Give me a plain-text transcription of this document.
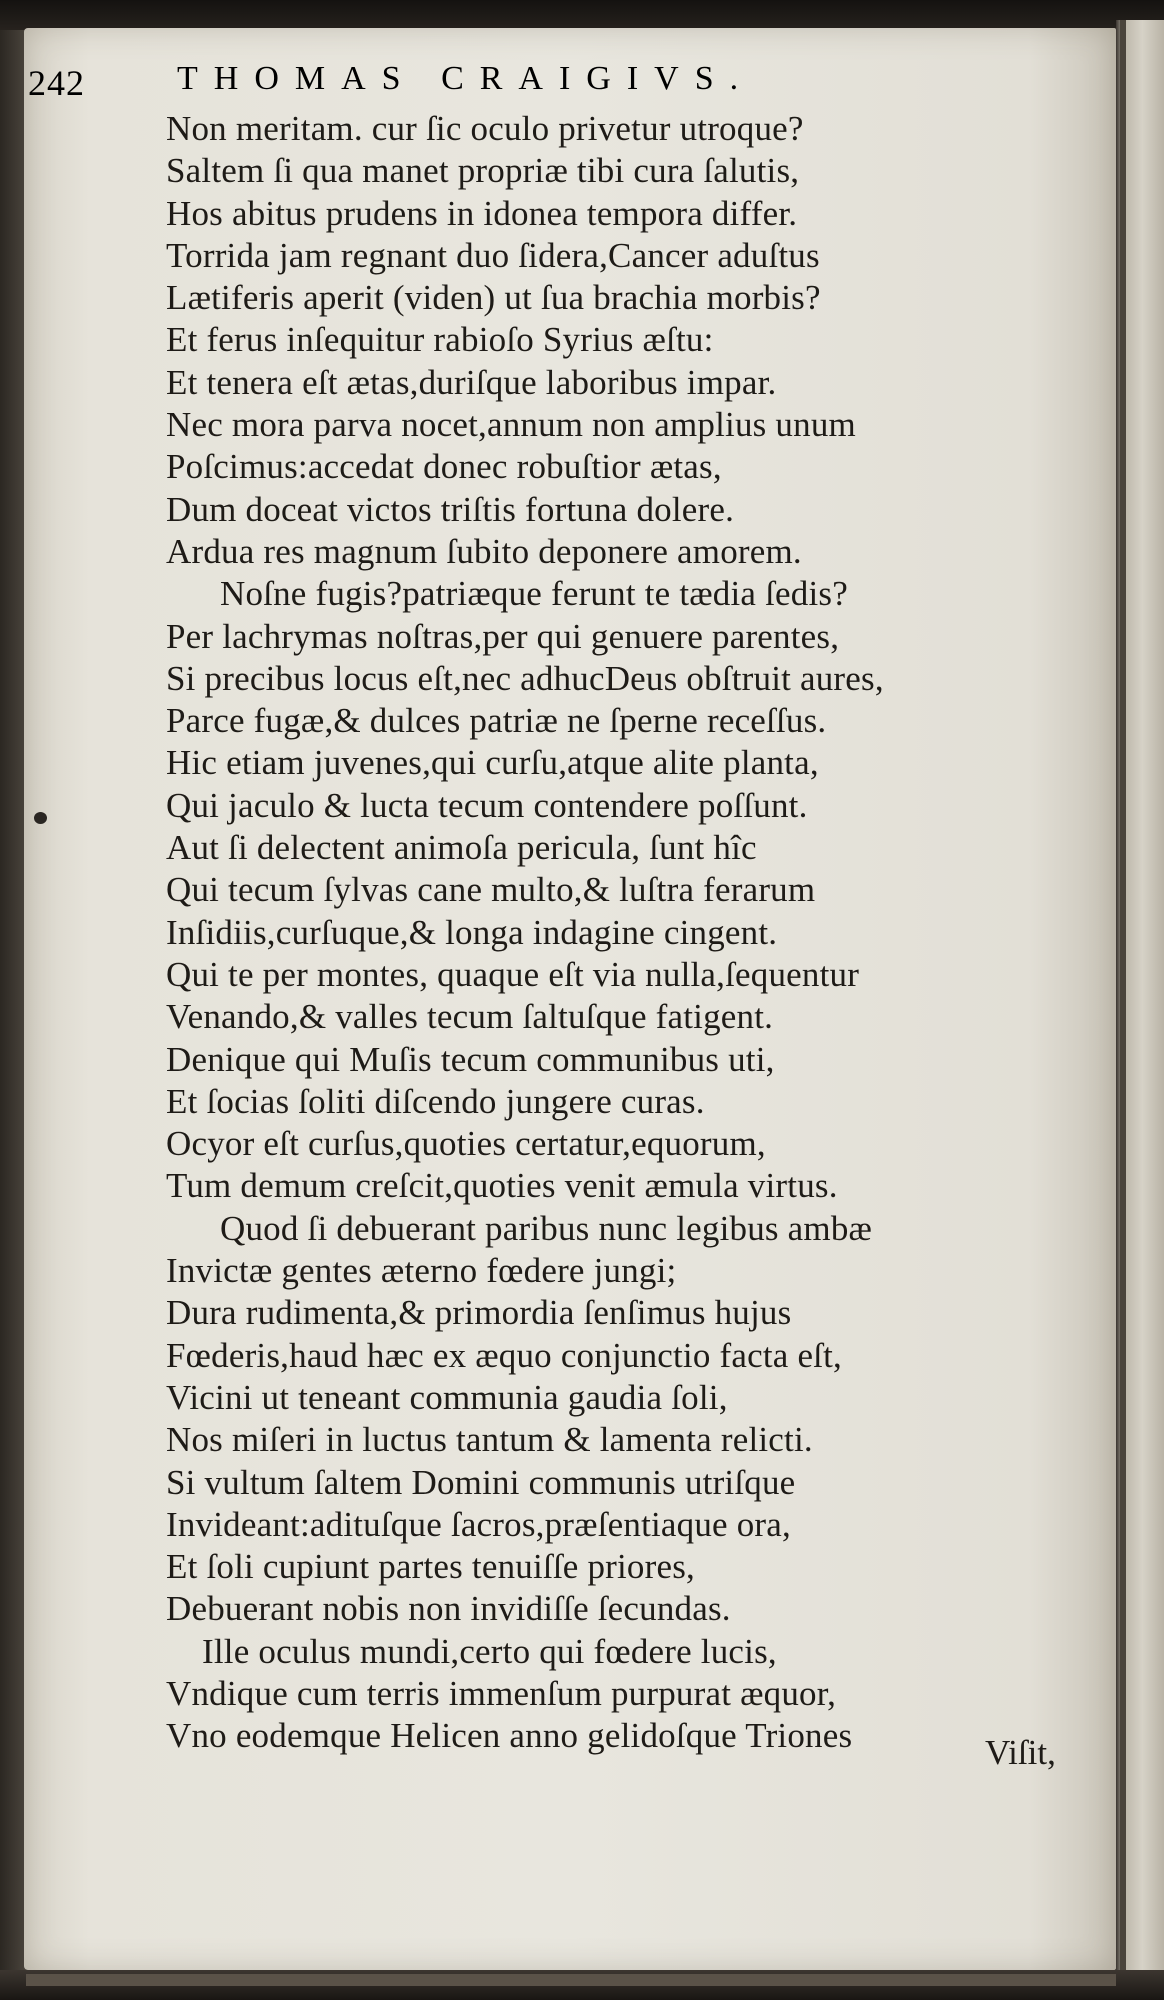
242	THOMAS CRAIGIVS.
Non meritam. cur ſic oculo privetur utroque?
Saltem ſi qua manet propriæ tibi cura ſalutis,
Hos abitus prudens in idonea tempora differ.
Torrida jam regnant duo ſidera,Cancer aduſtus
Lætiferis aperit (viden) ut ſua brachia morbis?
Et ferus inſequitur rabioſo Syrius æſtu:
Et tenera eſt ætas,duriſque laboribus impar.
Nec mora parva nocet,annum non amplius unum
Poſcimus:accedat donec robuſtior ætas,
Dum doceat victos triſtis fortuna dolere.
Ardua res magnum ſubito deponere amorem.
Noſne fugis?patriæque ferunt te tædia ſedis?
Per lachrymas noſtras,per qui genuere parentes,
Si precibus locus eſt,nec adhucDeus obſtruit aures,
Parce fugæ,& dulces patriæ ne ſperne receſſus.
Hic etiam juvenes,qui curſu,atque alite planta,
Qui jaculo & lucta tecum contendere poſſunt.
Aut ſi delectent animoſa pericula, ſunt hîc
Qui tecum ſylvas cane multo,& luſtra ferarum
Inſidiis,curſuque,& longa indagine cingent.
Qui te per montes, quaque eſt via nulla,ſequentur
Venando,& valles tecum ſaltuſque fatigent.
Denique qui Muſis tecum communibus uti,
Et ſocias ſoliti diſcendo jungere curas.
Ocyor eſt curſus,quoties certatur,equorum,
Tum demum creſcit,quoties venit æmula virtus.
Quod ſi debuerant paribus nunc legibus ambæ
Invictæ gentes æterno fœdere jungi;
Dura rudimenta,& primordia ſenſimus hujus
Fœderis,haud hæc ex æquo conjunctio facta eſt,
Vicini ut teneant communia gaudia ſoli,
Nos miſeri in luctus tantum & lamenta relicti.
Si vultum ſaltem Domini communis utriſque
Invideant:adituſque ſacros,præſentiaque ora,
Et ſoli cupiunt partes tenuiſſe priores,
Debuerant nobis non invidiſſe ſecundas.
Ille oculus mundi,certo qui fœdere lucis,
Vndique cum terris immenſum purpurat æquor,
Vno eodemque Helicen anno gelidoſque Triones	Viſit,
